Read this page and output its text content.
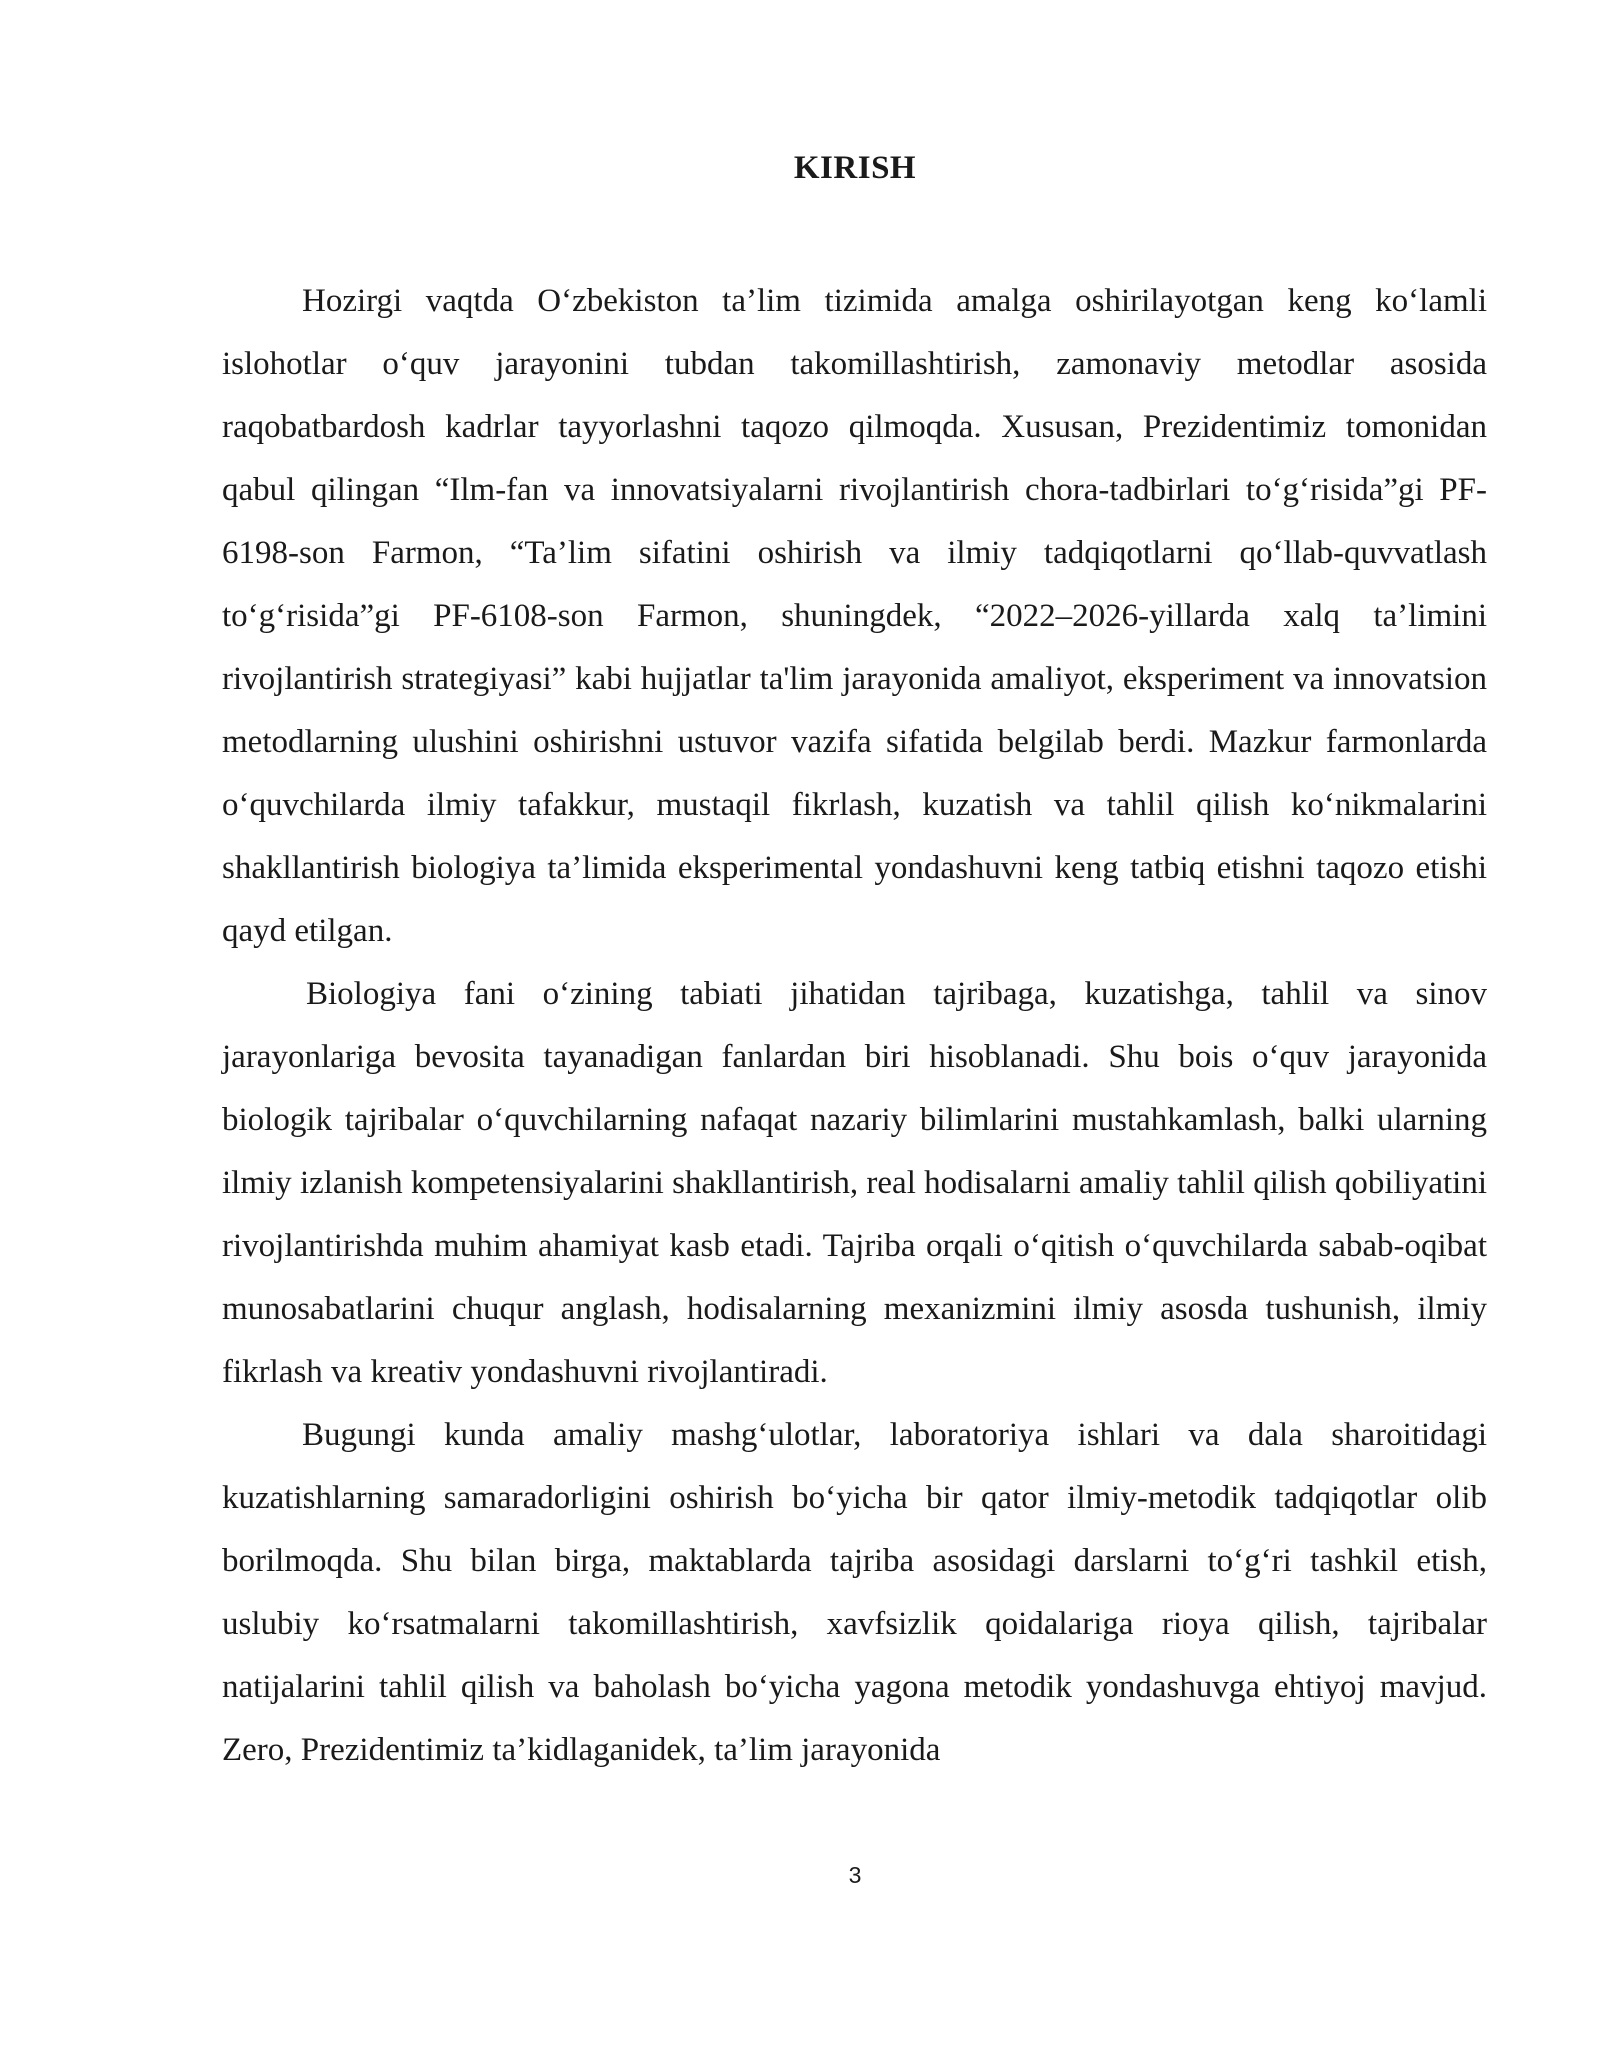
KIRISH

Hozirgi vaqtda O‘zbekiston ta’lim tizimida amalga oshirilayotgan keng ko‘lamli islohotlar o‘quv jarayonini tubdan takomillashtirish, zamonaviy metodlar asosida raqobatbardosh kadrlar tayyorlashni taqozo qilmoqda. Xususan, Prezidentimiz tomonidan qabul qilingan “Ilm-fan va innovatsiyalarni rivojlantirish chora-tadbirlari to‘g‘risida”gi PF-6198-son Farmon, “Ta’lim sifatini oshirish va ilmiy tadqiqotlarni qo‘llab-quvvatlash to‘g‘risida”gi PF-6108-son Farmon, shuningdek, “2022–2026-yillarda xalq ta’limini rivojlantirish strategiyasi” kabi hujjatlar ta'lim jarayonida amaliyot, eksperiment va innovatsion metodlarning ulushini oshirishni ustuvor vazifa sifatida belgilab berdi. Mazkur farmonlarda o‘quvchilarda ilmiy tafakkur, mustaqil fikrlash, kuzatish va tahlil qilish ko‘nikmalarini shakllantirish biologiya ta’limida eksperimental yondashuvni keng tatbiq etishni taqozo etishi qayd etilgan.

Biologiya fani o‘zining tabiati jihatidan tajribaga, kuzatishga, tahlil va sinov jarayonlariga bevosita tayanadigan fanlardan biri hisoblanadi. Shu bois o‘quv jarayonida biologik tajribalar o‘quvchilarning nafaqat nazariy bilimlarini mustahkamlash, balki ularning ilmiy izlanish kompetensiyalarini shakllantirish, real hodisalarni amaliy tahlil qilish qobiliyatini rivojlantirishda muhim ahamiyat kasb etadi. Tajriba orqali o‘qitish o‘quvchilarda sabab-oqibat munosabatlarini chuqur anglash, hodisalarning mexanizmini ilmiy asosda tushunish, ilmiy fikrlash va kreativ yondashuvni rivojlantiradi.

Bugungi kunda amaliy mashg‘ulotlar, laboratoriya ishlari va dala sharoitidagi kuzatishlarning samaradorligini oshirish bo‘yicha bir qator ilmiy-metodik tadqiqotlar olib borilmoqda. Shu bilan birga, maktablarda tajriba asosidagi darslarni to‘g‘ri tashkil etish, uslubiy ko‘rsatmalarni takomillashtirish, xavfsizlik qoidalariga rioya qilish, tajribalar natijalarini tahlil qilish va baholash bo‘yicha yagona metodik yondashuvga ehtiyoj mavjud. Zero, Prezidentimiz ta’kidlaganidek, ta’lim jarayonida

3
